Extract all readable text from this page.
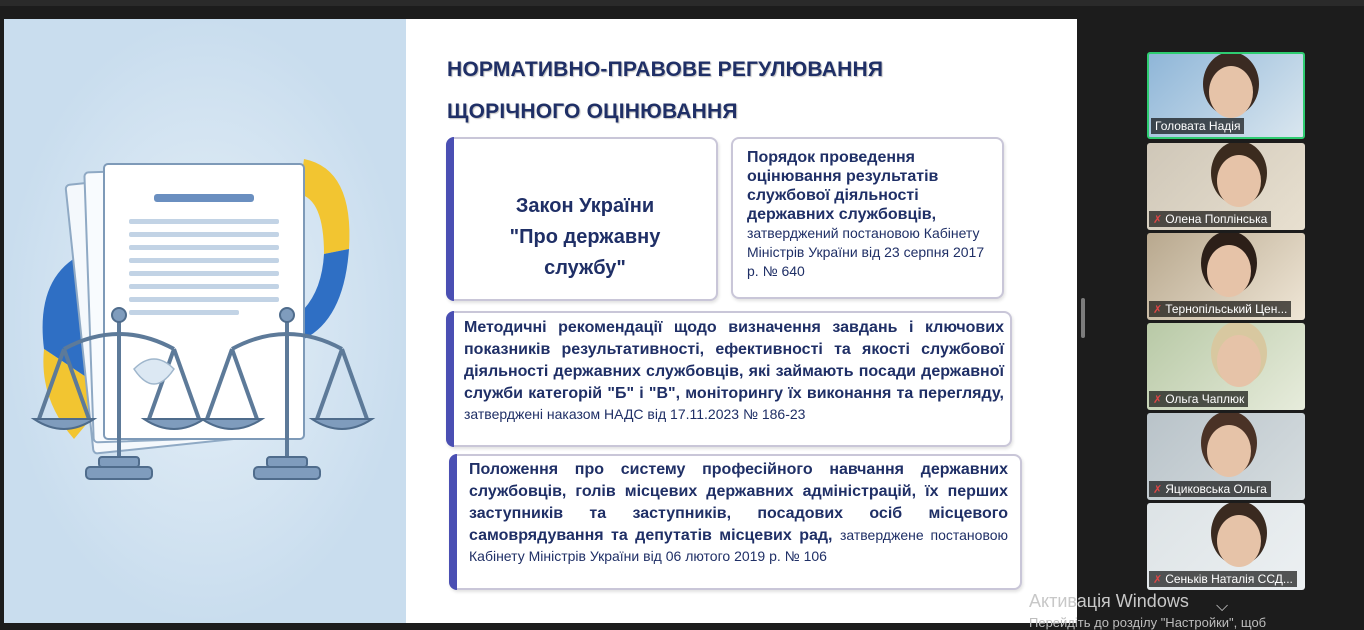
НОРМАТИВНО-ПРАВОВЕ РЕГУЛЮВАННЯ
ЩОРІЧНОГО ОЦІНЮВАННЯ
Закон України
"Про державну
службу"
Порядок проведення оцінювання результатів службової діяльності державних службовців,
затверджений постановою Кабінету Міністрів України від 23 серпня 2017 р. № 640
Методичні рекомендації щодо визначення завдань і ключових показників результативності, ефективності та якості службової діяльності державних службовців, які займають посади державної служби категорій "Б" і "В", моніторингу їх виконання та перегляду, затверджені наказом НАДС від 17.11.2023 № 186-23
Положення про систему професійного навчання державних службовців, голів місцевих державних адміністрацій, їх перших заступників та заступників, посадових осіб місцевого самоврядування та депутатів місцевих рад, затверджене постановою Кабінету Міністрів України від 06 лютого 2019 р. № 106
Головата Надія
✗ Олена Поплінська
✗ Тернопільський Цен...
✗ Ольга Чаплюк
✗ Яциковська Ольга
✗ Сеньків Наталія ССД...
Активація Windows ⌵
Перейдіть до розділу "Настройки", щоб
